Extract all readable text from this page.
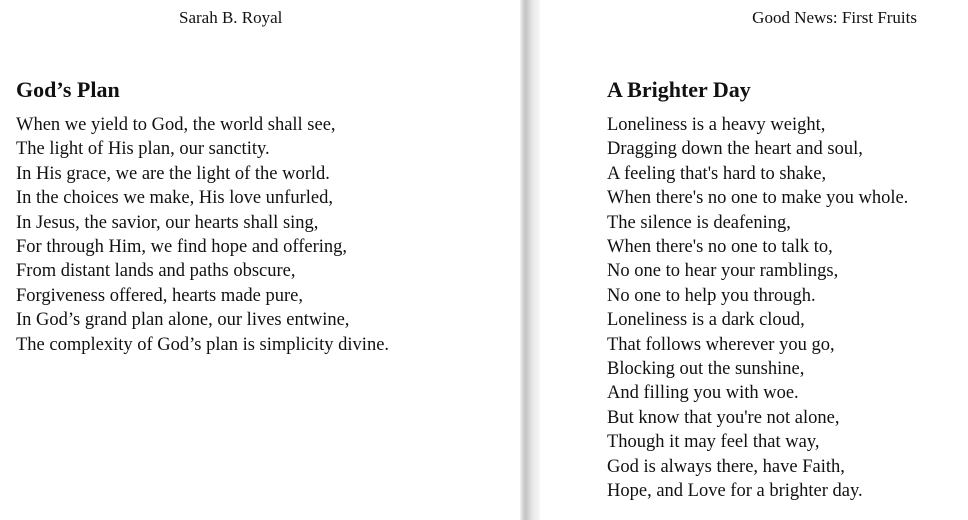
Sarah B. Royal
God’s Plan
When we yield to God, the world shall see,
The light of His plan, our sanctity.
In His grace, we are the light of the world.
In the choices we make, His love unfurled,
In Jesus, the savior, our hearts shall sing,
For through Him, we find hope and offering,
From distant lands and paths obscure,
Forgiveness offered, hearts made pure,
In God’s grand plan alone, our lives entwine,
The complexity of God’s plan is simplicity divine.
Good News: First Fruits
A Brighter Day
Loneliness is a heavy weight,
Dragging down the heart and soul,
A feeling that's hard to shake,
When there's no one to make you whole.
The silence is deafening,
When there's no one to talk to,
No one to hear your ramblings,
No one to help you through.
Loneliness is a dark cloud,
That follows wherever you go,
Blocking out the sunshine,
And filling you with woe.
But know that you're not alone,
Though it may feel that way,
God is always there, have Faith,
Hope, and Love for a brighter day.
